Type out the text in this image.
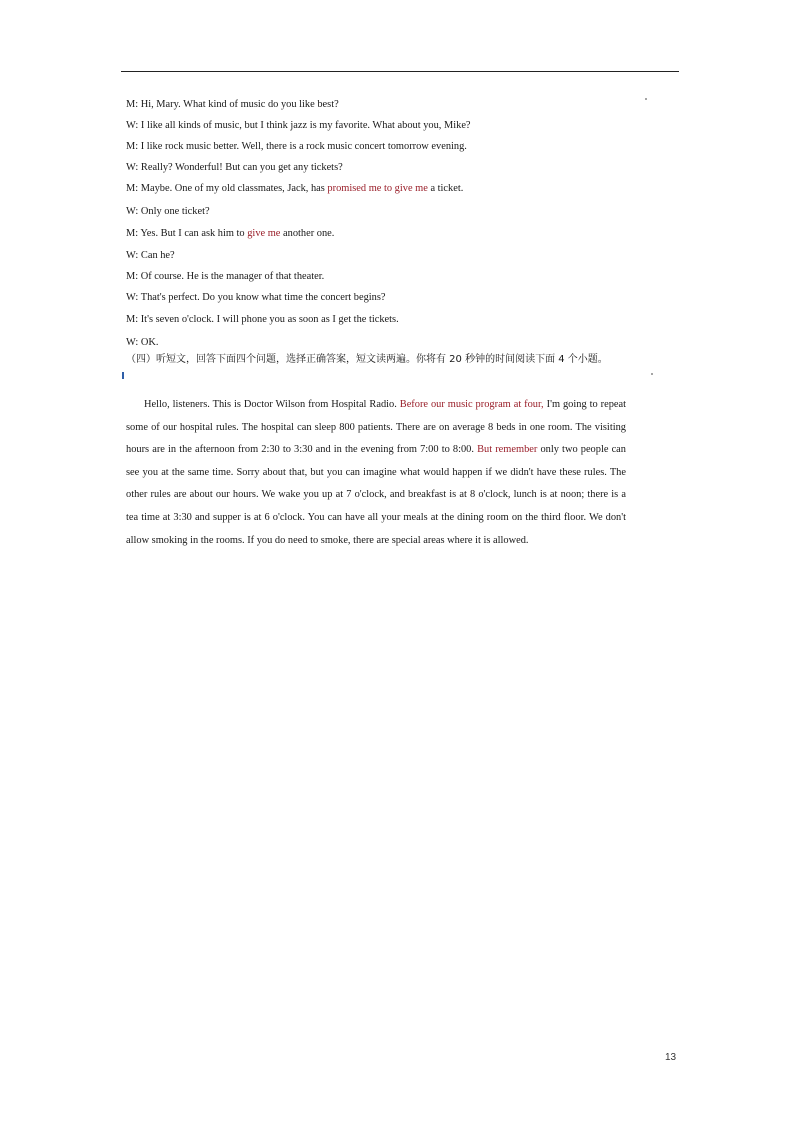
M: Hi, Mary. What kind of music do you like best?
W: I like all kinds of music, but I think jazz is my favorite. What about you, Mike?
M: I like rock music better. Well, there is a rock music concert tomorrow evening.
W: Really? Wonderful! But can you get any tickets?
M: Maybe. One of my old classmates, Jack, has promised me to give me a ticket.
W: Only one ticket?
M: Yes. But I can ask him to give me another one.
W: Can he?
M: Of course. He is the manager of that theater.
W: That's perfect. Do you know what time the concert begins?
M: It's seven o'clock. I will phone you as soon as I get the tickets.
W: OK.
（四）听短文，回答下面四个问题，选择正确答案，短文读两遍。你将有 20 秒钟的时间阅读下面 4 个小题。
Hello, listeners. This is Doctor Wilson from Hospital Radio. Before our music program at four, I'm going to repeat some of our hospital rules. The hospital can sleep 800 patients. There are on average 8 beds in one room. The visiting hours are in the afternoon from 2:30 to 3:30 and in the evening from 7:00 to 8:00. But remember only two people can see you at the same time. Sorry about that, but you can imagine what would happen if we didn't have these rules. The other rules are about our hours. We wake you up at 7 o'clock, and breakfast is at 8 o'clock, lunch is at noon; there is a tea time at 3:30 and supper is at 6 o'clock. You can have all your meals at the dining room on the third floor. We don't allow smoking in the rooms. If you do need to smoke, there are special areas where it is allowed.
13
